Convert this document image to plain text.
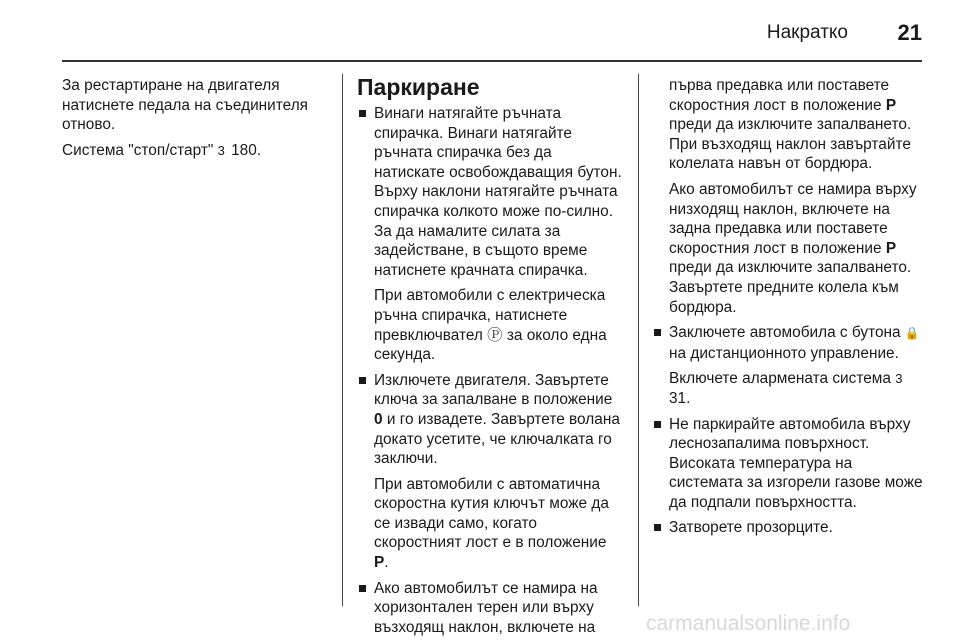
Накратко 21

За рестартиране на двигателя натиснете педала на съединителя отново.

Система "стоп/старт" 3 180.

Паркиране

Винаги натягайте ръчната спирачка. Винаги натягайте ръчната спирачка без да натискате освобождаващия бутон. Върху наклони натягайте ръчната спирачка колкото може по-силно. За да намалите силата за задействане, в същото време натиснете крачната спирачка.

При автомобили с електрическа ръчна спирачка, натиснете превключвател Ⓟ за около една секунда.

Изключете двигателя. Завъртете ключа за запалване в положение 0 и го извадете. Завъртете волана докато усетите, че ключалката го заключи.

При автомобили с автоматична скоростна кутия ключът може да се извади само, когато скоростният лост е в положение P.

Ако автомобилът се намира на хоризонтален терен или върху възходящ наклон, включете на

първа предавка или поставете скоростния лост в положение P преди да изключите запалването. При възходящ наклон завъртайте колелата навън от бордюра.

Ако автомобилът се намира върху низходящ наклон, включете на задна предавка или поставете скоростния лост в положение P преди да изключите запалването. Завъртете предните колела към бордюра.

Заключете автомобила с бутона 🔒 на дистанционното управление.

Включете алармената система 3 31.

Не паркирайте автомобила върху леснозапалима повърхност. Високата температура на системата за изгорели газове може да подпали повърхността.

Затворете прозорците.

carmanualsonline.info
